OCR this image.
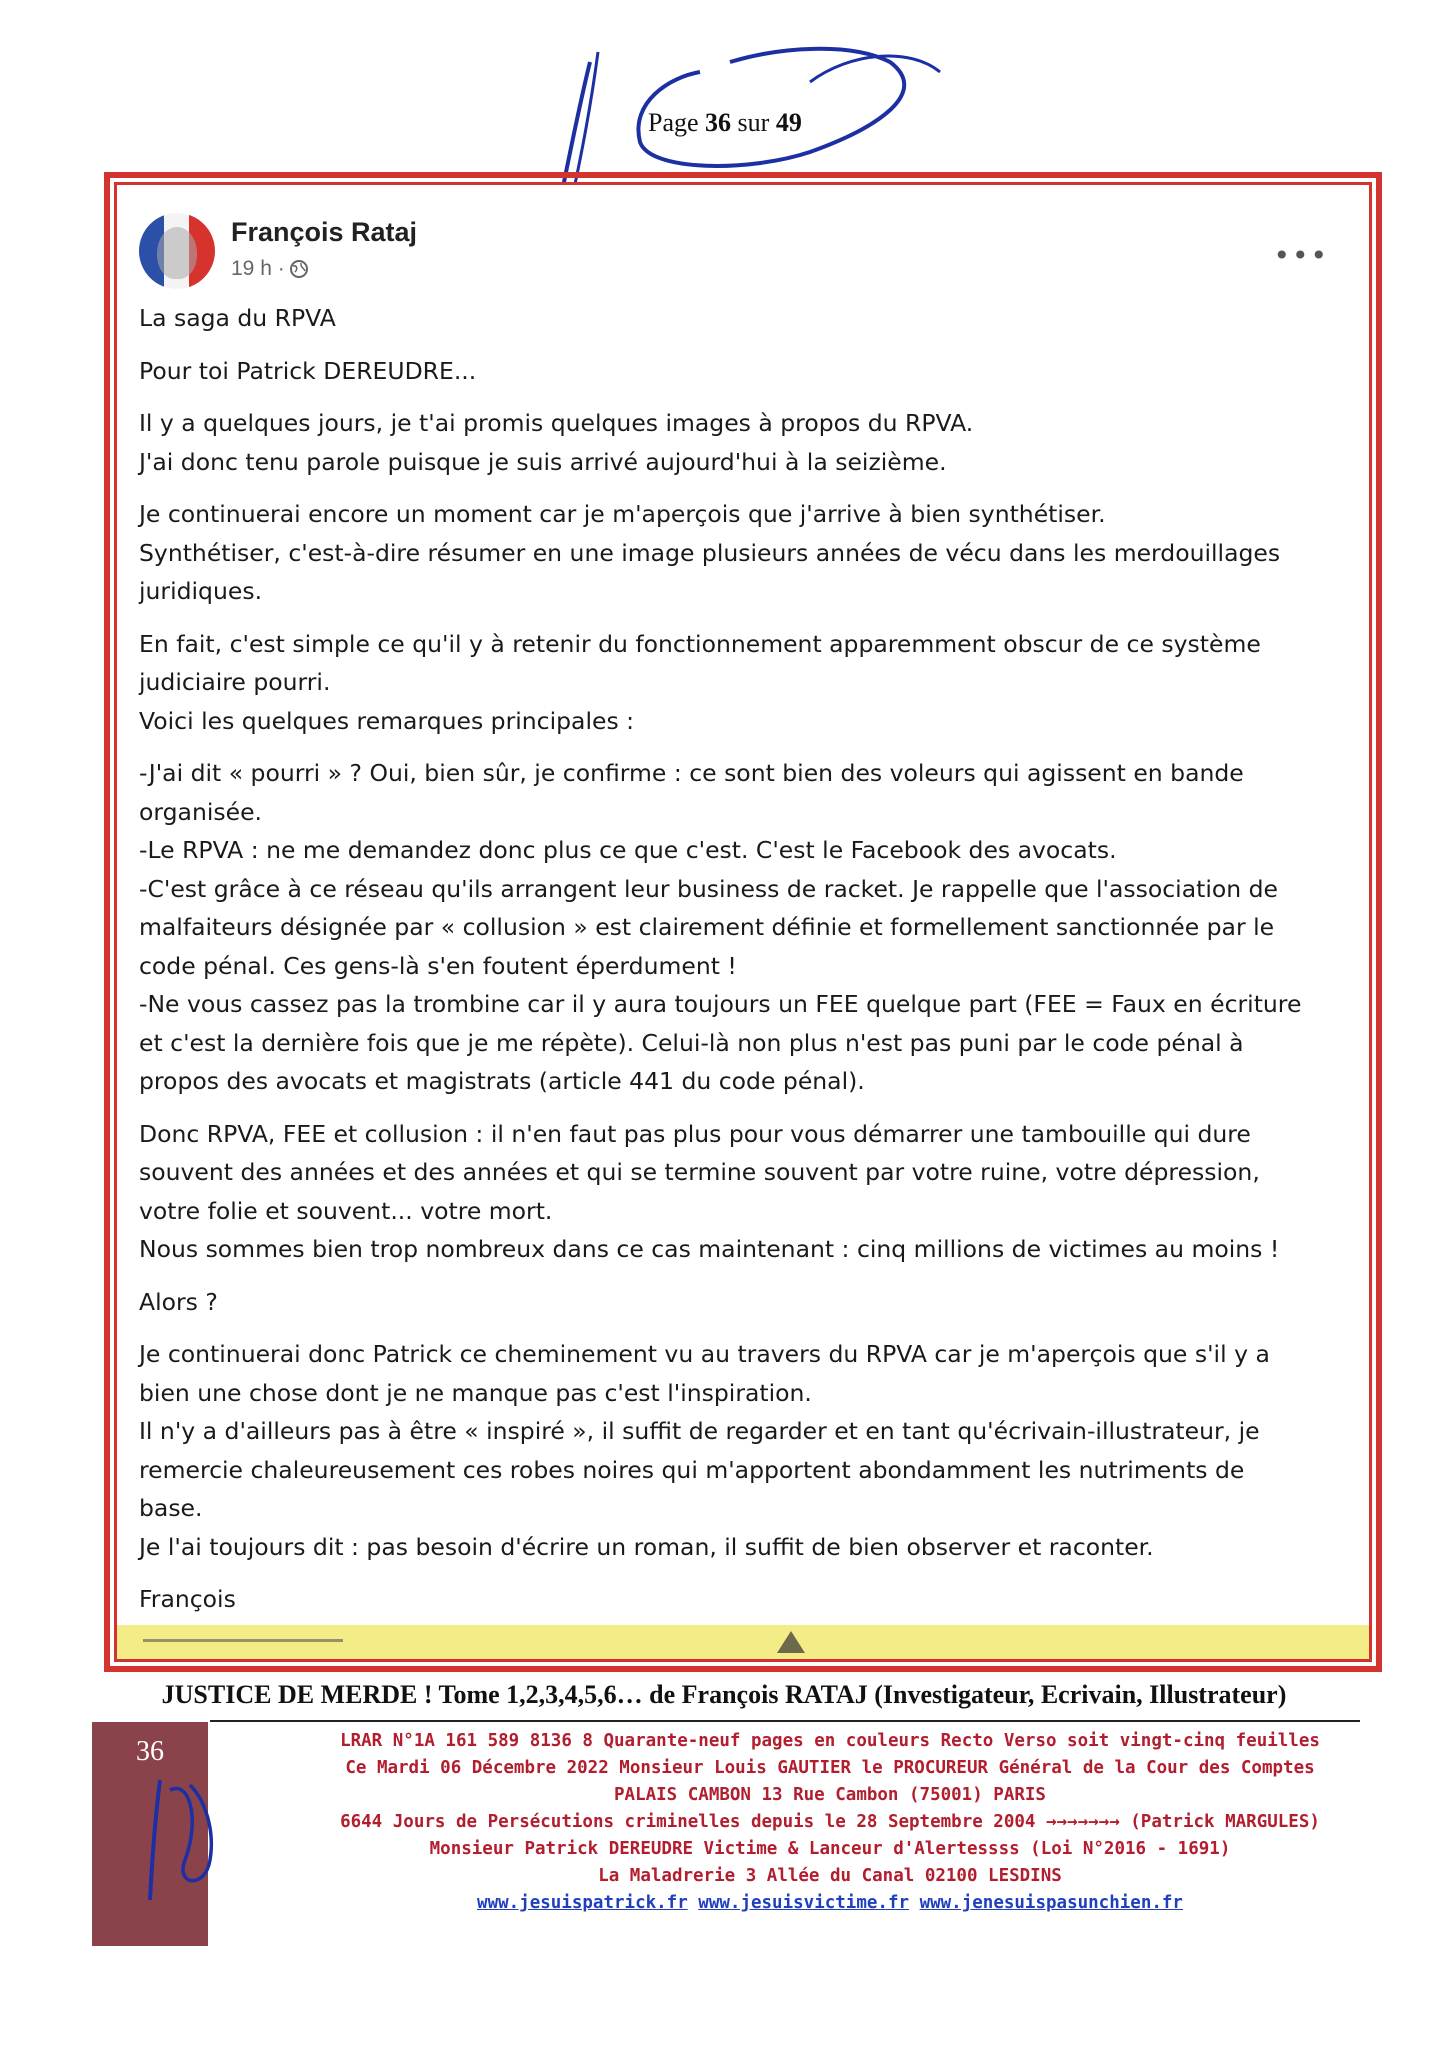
Page 36 sur 49
François Rataj
19 h ·	•••

La saga du RPVA

Pour toi Patrick DEREUDRE...

Il y a quelques jours, je t'ai promis quelques images à propos du RPVA.
J'ai donc tenu parole puisque je suis arrivé aujourd'hui à la seizième.

Je continuerai encore un moment car je m'aperçois que j'arrive à bien synthétiser.
Synthétiser, c'est-à-dire résumer en une image plusieurs années de vécu dans les merdouillages
juridiques.

En fait, c'est simple ce qu'il y à retenir du fonctionnement apparemment obscur de ce système
judiciaire pourri.
Voici les quelques remarques principales :

-J'ai dit « pourri » ? Oui, bien sûr, je confirme : ce sont bien des voleurs qui agissent en bande
organisée.
-Le RPVA : ne me demandez donc plus ce que c'est. C'est le Facebook des avocats.
-C'est grâce à ce réseau qu'ils arrangent leur business de racket. Je rappelle que l'association de
malfaiteurs désignée par « collusion » est clairement définie et formellement sanctionnée par le
code pénal. Ces gens-là s'en foutent éperdument !
-Ne vous cassez pas la trombine car il y aura toujours un FEE quelque part (FEE = Faux en écriture
et c'est la dernière fois que je me répète). Celui-là non plus n'est pas puni par le code pénal à
propos des avocats et magistrats (article 441 du code pénal).

Donc RPVA, FEE et collusion : il n'en faut pas plus pour vous démarrer une tambouille qui dure
souvent des années et des années et qui se termine souvent par votre ruine, votre dépression,
votre folie et souvent... votre mort.
Nous sommes bien trop nombreux dans ce cas maintenant : cinq millions de victimes au moins !

Alors ?

Je continuerai donc Patrick ce cheminement vu au travers du RPVA car je m'aperçois que s'il y a
bien une chose dont je ne manque pas c'est l'inspiration.
Il n'y a d'ailleurs pas à être « inspiré », il suffit de regarder et en tant qu'écrivain-illustrateur, je
remercie chaleureusement ces robes noires qui m'apportent abondamment les nutriments de
base.
Je l'ai toujours dit : pas besoin d'écrire un roman, il suffit de bien observer et raconter.

François

JUSTICE DE MERDE ! Tome 1,2,3,4,5,6… de François RATAJ (Investigateur, Ecrivain, Illustrateur)
36	LRAR N°1A 161 589 8136 8 Quarante-neuf pages en couleurs Recto Verso soit vingt-cinq feuilles
Ce Mardi 06 Décembre 2022 Monsieur Louis GAUTIER le PROCUREUR Général de la Cour des Comptes
PALAIS CAMBON 13 Rue Cambon (75001) PARIS
6644 Jours de Persécutions criminelles depuis le 28 Septembre 2004 →→→→→→→ (Patrick MARGULES)
Monsieur Patrick DEREUDRE Victime & Lanceur d'Alertessss (Loi N°2016 - 1691)
La Maladrerie 3 Allée du Canal 02100 LESDINS
www.jesuispatrick.fr www.jesuisvictime.fr www.jenesuispasunchien.fr
